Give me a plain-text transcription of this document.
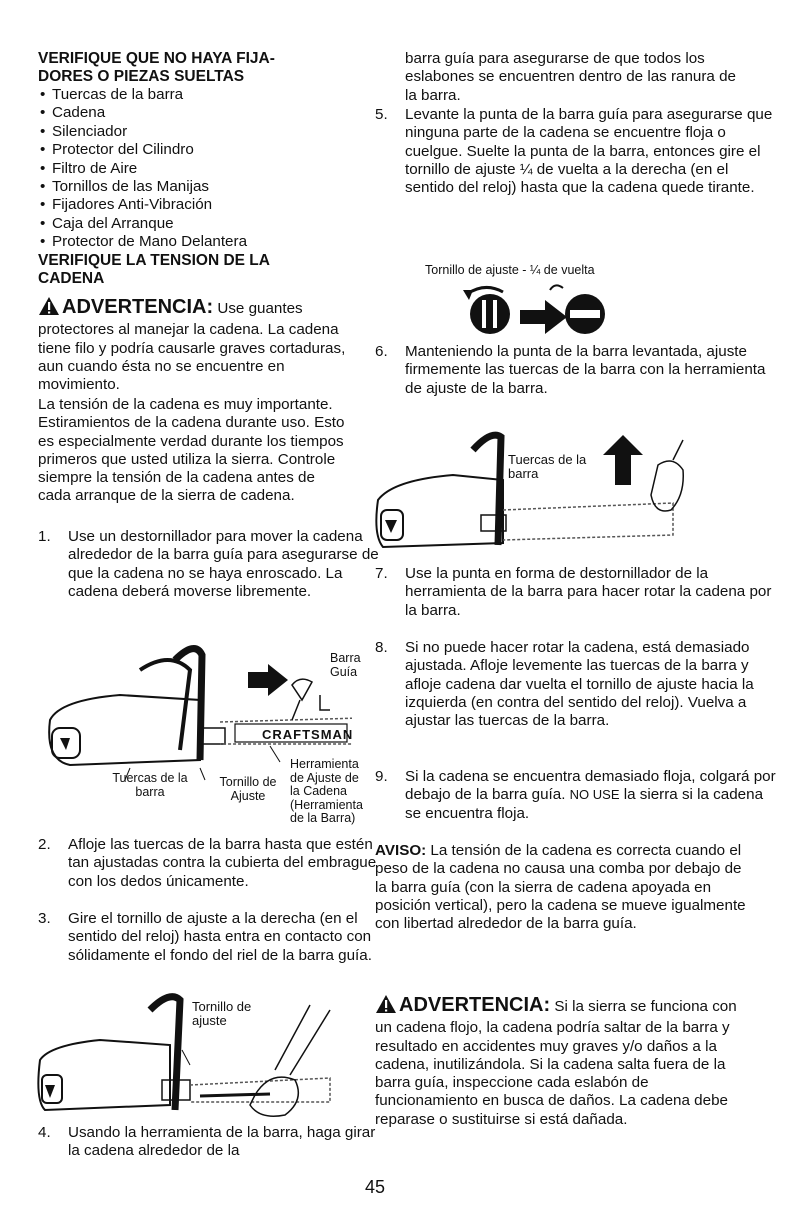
VERIFIQUE QUE NO HAYA FIJA-DORES O PIEZAS SUELTAS
• Tuercas de la barra
• Cadena
• Silenciador
• Protector del Cilindro
• Filtro de Aire
• Tornillos de las Manijas
• Fijadores Anti-Vibración
• Caja del Arranque
• Protector de Mano Delantera
VERIFIQUE LA TENSION DE LA CADENA
ADVERTENCIA: Use guantes protectores al manejar la cadena. La cadena tiene filo y podría causarle graves cortaduras, aun cuando ésta no se encuentre en movimiento.
La tensión de la cadena es muy importante. Estiramientos de la cadena durante uso. Esto es especialmente verdad durante los tiempos primeros que usted utiliza la sierra. Controle siempre la tensión de la cadena antes de cada arranque de la sierra de cadena.
1. Use un destornillador para mover la cadena alrededor de la barra guía para asegurarse de que la cadena no se haya enroscado. La cadena deberá moverse libremente.
CRAFTSMAN
Barra Guía
Herramienta de Ajuste de la Cadena (Herramienta de la Barra)
Tuercas de la barra
Tornillo de Ajuste
2. Afloje las tuercas de la barra hasta que estén tan ajustadas contra la cubierta del embrague con los dedos únicamente.
3. Gire el tornillo de ajuste a la derecha (en el sentido del reloj) hasta entra en contacto con sólidamente el fondo del riel de la barra guía.
Tornillo de ajuste
4. Usando la herramienta de la barra, haga girar la cadena alrededor de la
barra guía para asegurarse de que todos los eslabones se encuentren dentro de las ranura de la barra.
5. Levante la punta de la barra guía para asegurarse que ninguna parte de la cadena se encuentre floja o cuelgue. Suelte la punta de la barra, entonces gire el tornillo de ajuste ¼ de vuelta a la derecha (en el sentido del reloj) hasta que la cadena quede tirante.
Tornillo de ajuste - ¼ de vuelta
6. Manteniendo la punta de la barra levantada, ajuste firmemente las tuercas de la barra con la herramienta de ajuste de la barra.
Tuercas de la barra
7. Use la punta en forma de destornillador de la herramienta de la barra para hacer rotar la cadena por la barra.
8. Si no puede hacer rotar la cadena, está demasiado ajustada. Afloje levemente las tuercas de la barra y afloje cadena dar vuelta el tornillo de ajuste hacia la izquierda (en contra del sentido del reloj). Vuelva a ajustar las tuercas de la barra.
9. Si la cadena se encuentra demasiado floja, colgará por debajo de la barra guía. NO USE la sierra si la cadena se encuentra floja.
AVISO: La tensión de la cadena es correcta cuando el peso de la cadena no causa una comba por debajo de la barra guía (con la sierra de cadena apoyada en posición vertical), pero la cadena se mueve igualmente con libertad alrededor de la barra guía.
ADVERTENCIA: Si la sierra se funciona con un cadena flojo, la cadena podría saltar de la barra y resultado en accidentes muy graves y/o daños a la cadena, inutilizándola. Si la cadena salta fuera de la barra guía, inspeccione cada eslabón de funcionamiento en busca de daños. La cadena debe reparase o sustituirse si está dañada.
45
